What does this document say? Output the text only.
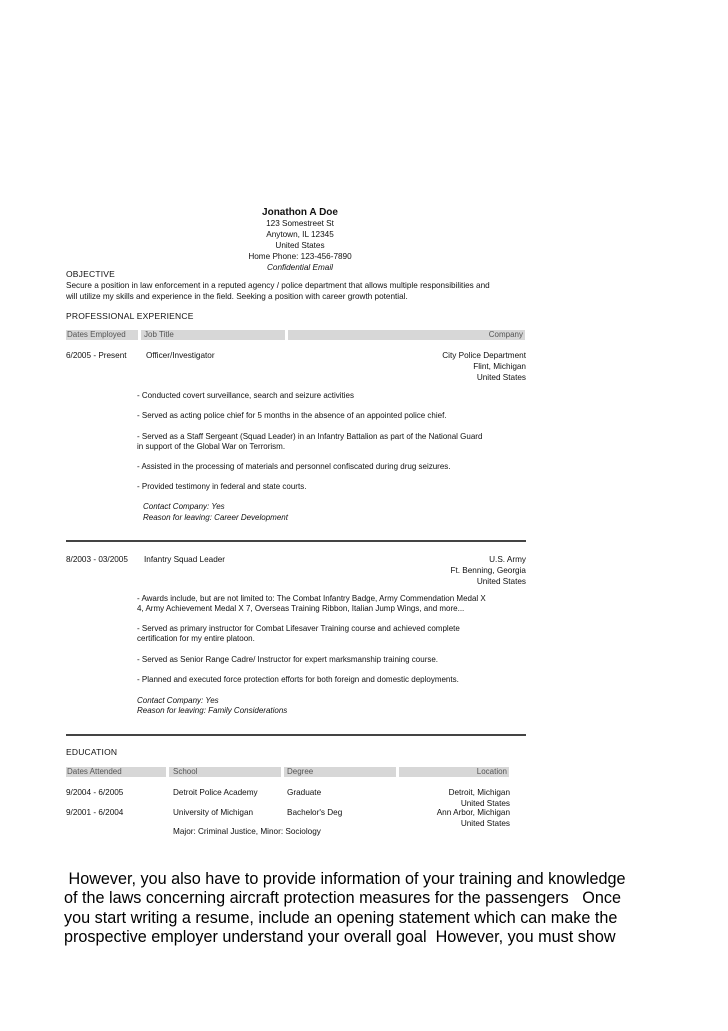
Jonathon A Doe
123 Somestreet St
Anytown, IL 12345
United States
Home Phone: 123-456-7890
Confidential Email
OBJECTIVE
Secure a position in law enforcement in a reputed agency / police department that allows multiple responsibilities and
will utilize my skills and experience in the field. Seeking a position with career growth potential.
PROFESSIONAL EXPERIENCE
Dates Employed	Job Title	Company
6/2005 - Present Officer/Investigator	City Police Department
Flint, Michigan
United States
- Conducted covert surveillance, search and seizure activities
- Served as acting police chief for 5 months in the absence of an appointed police chief.
- Served as a Staff Sergeant (Squad Leader) in an Infantry Battalion as part of the National Guard
in support of the Global War on Terrorism.
- Assisted in the processing of materials and personnel confiscated during drug seizures.
- Provided testimony in federal and state courts.
Contact Company: Yes
Reason for leaving: Career Development
8/2003 - 03/2005 Infantry Squad Leader	U.S. Army
Ft. Benning, Georgia
United States
- Awards include, but are not limited to: The Combat Infantry Badge, Army Commendation Medal X
4, Army Achievement Medal X 7, Overseas Training Ribbon, Italian Jump Wings, and more...
- Served as primary instructor for Combat Lifesaver Training course and achieved complete
certification for my entire platoon.
- Served as Senior Range Cadre/ Instructor for expert marksmanship training course.
- Planned and executed force protection efforts for both foreign and domestic deployments.
Contact Company: Yes
Reason for leaving: Family Considerations
EDUCATION
Dates Attended	School	Degree	Location
9/2004 - 6/2005	Detroit Police Academy	Graduate	Detroit, Michigan
United States
9/2001 - 6/2004	University of Michigan	Bachelor's Deg	Ann Arbor, Michigan
United States
Major: Criminal Justice, Minor: Sociology
However, you also have to provide information of your training and knowledge
of the laws concerning aircraft protection measures for the passengers   Once
you start writing a resume, include an opening statement which can make the
prospective employer understand your overall goal  However, you must show
